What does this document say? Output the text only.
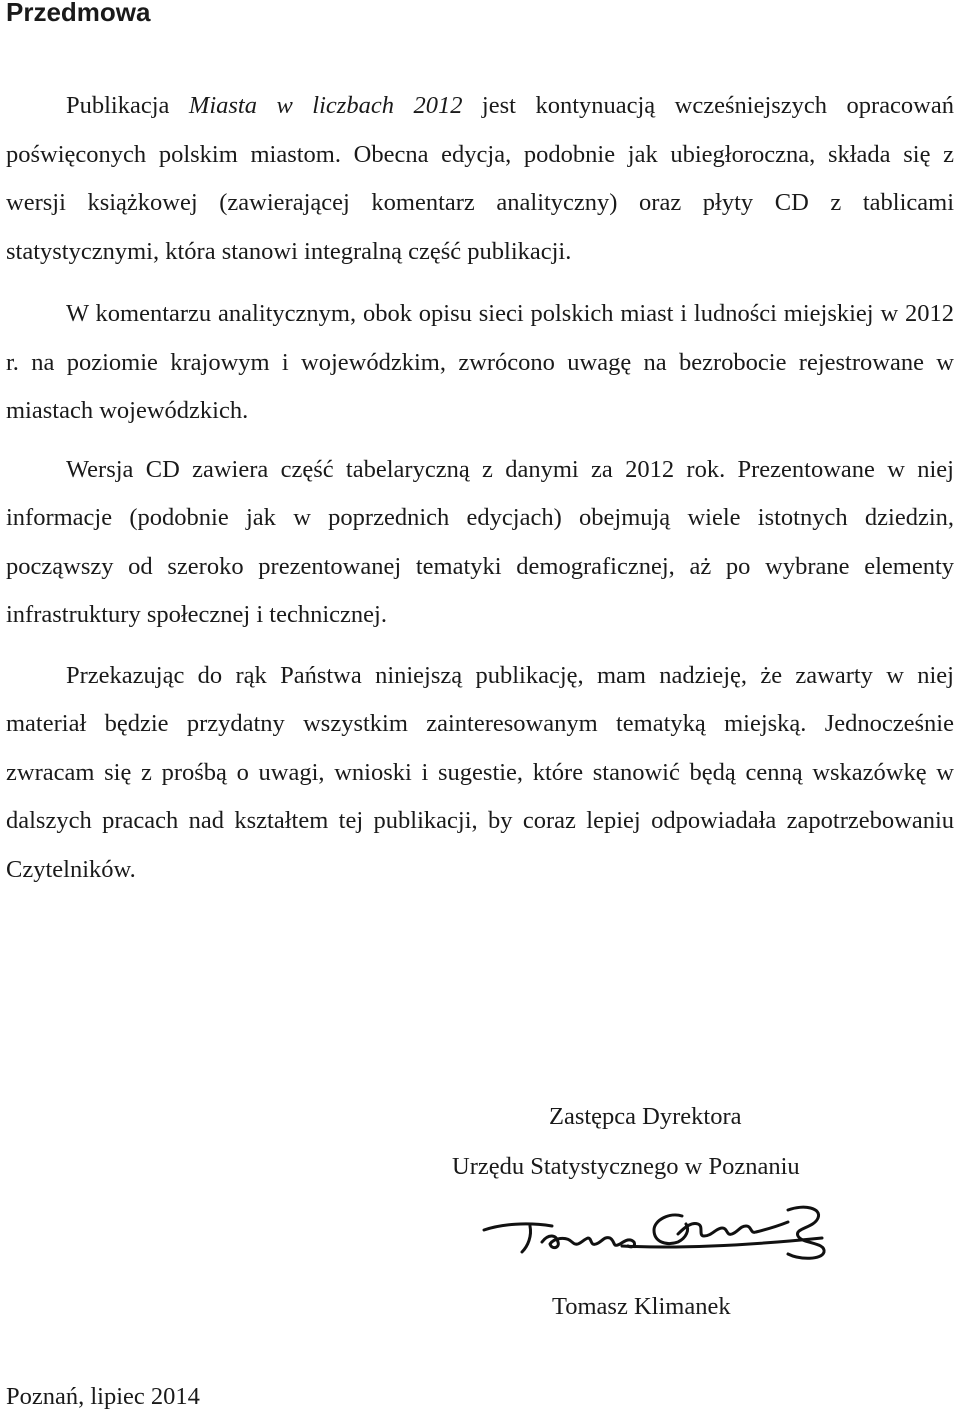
Przedmowa

Publikacja Miasta w liczbach 2012 jest kontynuacją wcześniejszych opracowań poświęconych polskim miastom. Obecna edycja, podobnie jak ubiegłoroczna, składa się z wersji książkowej (zawierającej komentarz analityczny) oraz płyty CD z tablicami statystycznymi, która stanowi integralną część publikacji.

W komentarzu analitycznym, obok opisu sieci polskich miast i ludności miejskiej w 2012 r. na poziomie krajowym i wojewódzkim, zwrócono uwagę na bezrobocie rejestrowane w miastach wojewódzkich.

Wersja CD zawiera część tabelaryczną z danymi za 2012 rok. Prezentowane w niej informacje (podobnie jak w poprzednich edycjach) obejmują wiele istotnych dziedzin, począwszy od szeroko prezentowanej tematyki demograficznej, aż po wybrane elementy infrastruktury społecznej i technicznej.

Przekazując do rąk Państwa niniejszą publikację, mam nadzieję, że zawarty w niej materiał będzie przydatny wszystkim zainteresowanym tematyką miejską. Jednocześnie zwracam się z prośbą o uwagi, wnioski i sugestie, które stanowić będą cenną wskazówkę w dalszych pracach nad kształtem tej publikacji, by coraz lepiej odpowiadała zapotrzebowaniu Czytelników.

Zastępca Dyrektora

Urzędu Statystycznego w Poznaniu

Tomasz Klimanek

Poznań, lipiec 2014
